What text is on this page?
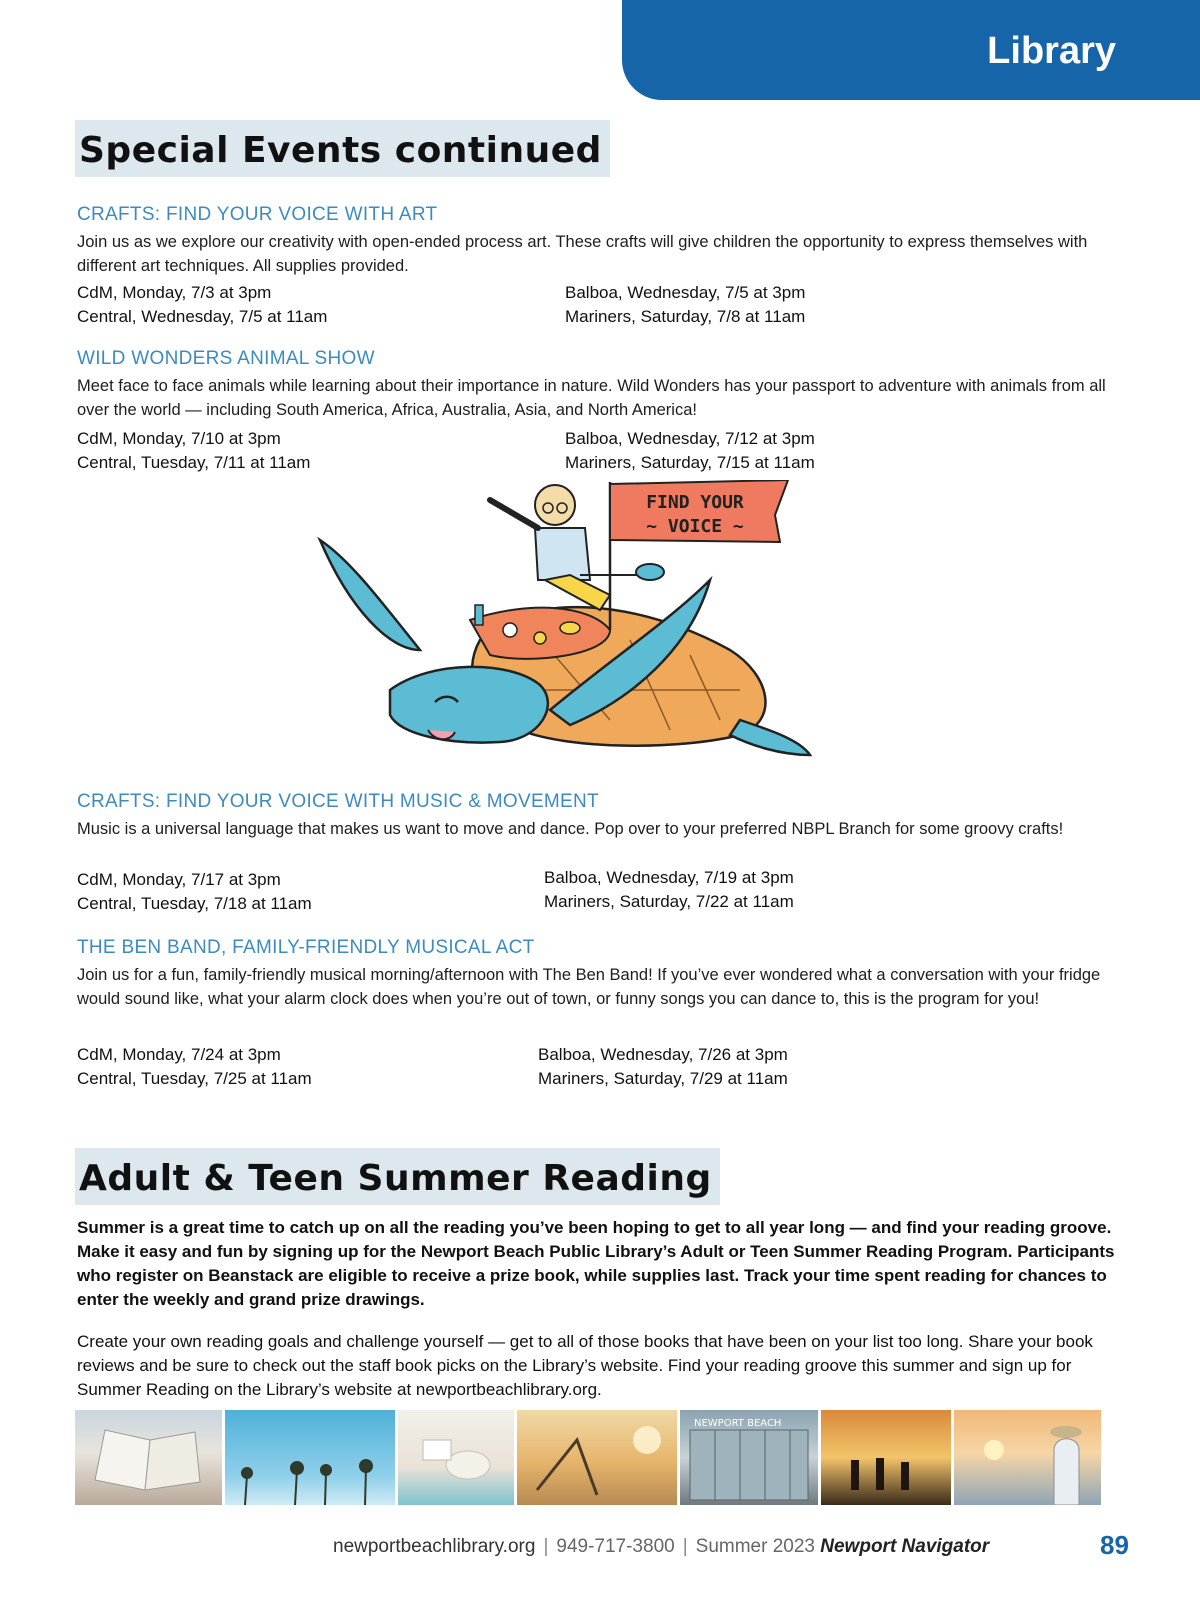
Library
Special Events continued
CRAFTS: FIND YOUR VOICE WITH ART
Join us as we explore our creativity with open-ended process art. These crafts will give children the opportunity to express themselves with different art techniques. All supplies provided.
CdM, Monday, 7/3 at 3pm
Central, Wednesday, 7/5 at 11am
Balboa, Wednesday, 7/5 at 3pm
Mariners, Saturday, 7/8 at 11am
WILD WONDERS ANIMAL SHOW
Meet face to face animals while learning about their importance in nature. Wild Wonders has your passport to adventure with animals from all over the world — including South America, Africa, Australia, Asia, and North America!
CdM, Monday, 7/10 at 3pm
Central, Tuesday, 7/11 at 11am
Balboa, Wednesday, 7/12 at 3pm
Mariners, Saturday, 7/15 at 11am
FIND YOUR
~ VOICE ~
CRAFTS: FIND YOUR VOICE WITH MUSIC & MOVEMENT
Music is a universal language that makes us want to move and dance. Pop over to your preferred NBPL Branch for some groovy crafts!
CdM, Monday, 7/17 at 3pm
Central, Tuesday, 7/18 at 11am
Balboa, Wednesday, 7/19 at 3pm
Mariners, Saturday, 7/22 at 11am
THE BEN BAND, FAMILY-FRIENDLY MUSICAL ACT
Join us for a fun, family-friendly musical morning/afternoon with The Ben Band! If you’ve ever wondered what a conversation with your fridge would sound like, what your alarm clock does when you’re out of town, or funny songs you can dance to, this is the program for you!
CdM, Monday, 7/24 at 3pm
Central, Tuesday, 7/25 at 11am
Balboa, Wednesday, 7/26 at 3pm
Mariners, Saturday, 7/29 at 11am
Adult & Teen Summer Reading
Summer is a great time to catch up on all the reading you’ve been hoping to get to all year long — and find your reading groove. Make it easy and fun by signing up for the Newport Beach Public Library’s Adult or Teen Summer Reading Program. Participants who register on Beanstack are eligible to receive a prize book, while supplies last. Track your time spent reading for chances to enter the weekly and grand prize drawings.
Create your own reading goals and challenge yourself — get to all of those books that have been on your list too long. Share your book reviews and be sure to check out the staff book picks on the Library’s website. Find your reading groove this summer and sign up for Summer Reading on the Library’s website at newportbeachlibrary.org.
NEWPORT BEACH
newportbeachlibrary.org | 949-717-3800 | Summer 2023 Newport Navigator	89
